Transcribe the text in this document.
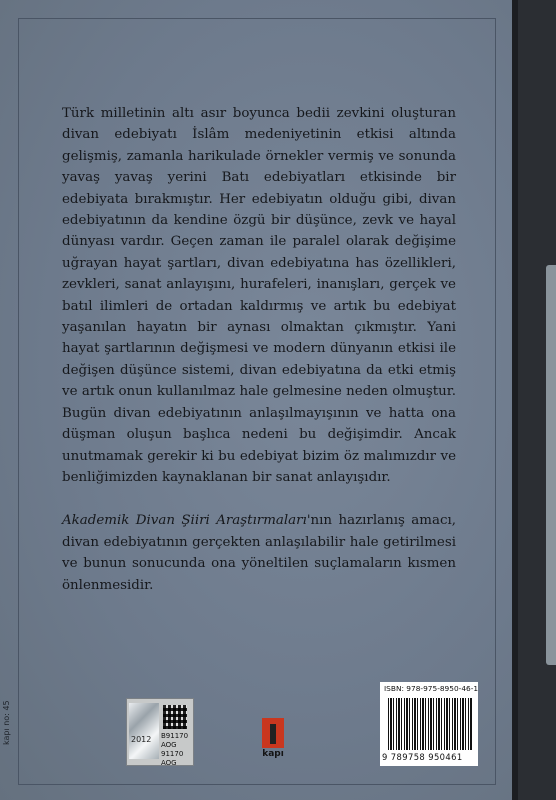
Türk milletinin altı asır boyunca bedii zevkini oluşturan divan edebiyatı İslâm medeniyetinin etkisi altında gelişmiş, zamanla harikulade örnekler vermiş ve sonunda yavaş yavaş yerini Batı edebiyatları etkisinde bir edebiyata bırakmıştır. Her edebiyatın olduğu gibi, divan edebiyatının da kendine özgü bir düşünce, zevk ve hayal dünyası vardır. Geçen zaman ile paralel olarak değişime uğrayan hayat şartları, divan edebiyatına has özellikleri, zevkleri, sanat anlayışını, hurafeleri, inanışları, gerçek ve batıl ilimleri de ortadan kaldırmış ve artık bu edebiyat yaşanılan hayatın bir aynası olmaktan çıkmıştır. Yani hayat şartlarının değişmesi ve modern dünyanın etkisi ile değişen düşünce sistemi, divan edebiyatına da etki etmiş ve artık onun kullanılmaz hale gelmesine neden olmuştur. Bugün divan edebiyatının anlaşılmayışının ve hatta ona düşman oluşun başlıca nedeni bu değişimdir. Ancak unutmamak gerekir ki bu edebiyat bizim öz malımızdır ve benliğimizden kaynaklanan bir sanat anlayışıdır.

Akademik Divan Şiiri Araştırmaları'nın hazırlanış amacı, divan edebiyatının gerçekten anlaşılabilir hale getirilmesi ve bunun sonucunda ona yöneltilen suçlamaların kısmen önlenmesidir.

kapı no: 45	2012 B91170
AOG
91170 AOG
kapı
ISBN: 978-975-8950-46-1
9 789758 950461
